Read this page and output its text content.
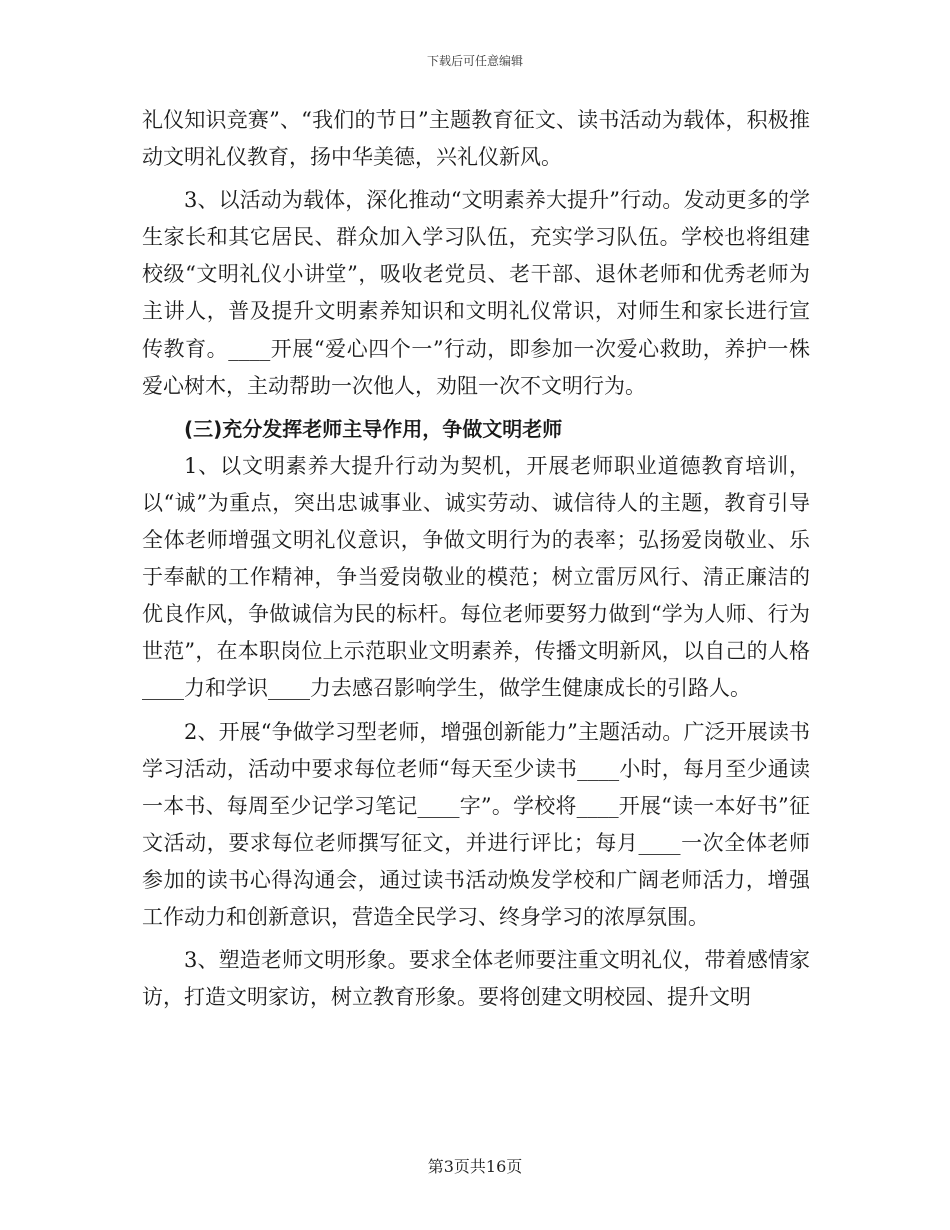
下载后可任意编辑

礼仪知识竞赛”、“我们的节日”主题教育征文、读书活动为载体，积极推动文明礼仪教育，扬中华美德，兴礼仪新风。

3、以活动为载体，深化推动“文明素养大提升”行动。发动更多的学生家长和其它居民、群众加入学习队伍，充实学习队伍。学校也将组建校级“文明礼仪小讲堂”，吸收老党员、老干部、退休老师和优秀老师为主讲人，普及提升文明素养知识和文明礼仪常识，对师生和家长进行宣传教育。____开展“爱心四个一”行动，即参加一次爱心救助，养护一株爱心树木，主动帮助一次他人，劝阻一次不文明行为。

(三)充分发挥老师主导作用，争做文明老师

1、以文明素养大提升行动为契机，开展老师职业道德教育培训，以“诚”为重点，突出忠诚事业、诚实劳动、诚信待人的主题，教育引导全体老师增强文明礼仪意识，争做文明行为的表率；弘扬爱岗敬业、乐于奉献的工作精神，争当爱岗敬业的模范；树立雷厉风行、清正廉洁的优良作风，争做诚信为民的标杆。每位老师要努力做到“学为人师、行为世范”，在本职岗位上示范职业文明素养，传播文明新风，以自己的人格____力和学识____力去感召影响学生，做学生健康成长的引路人。

2、开展“争做学习型老师，增强创新能力”主题活动。广泛开展读书学习活动，活动中要求每位老师“每天至少读书____小时，每月至少通读一本书、每周至少记学习笔记____字”。学校将____开展“读一本好书”征文活动，要求每位老师撰写征文，并进行评比；每月____一次全体老师参加的读书心得沟通会，通过读书活动焕发学校和广阔老师活力，增强工作动力和创新意识，营造全民学习、终身学习的浓厚氛围。

3、塑造老师文明形象。要求全体老师要注重文明礼仪，带着感情家访，打造文明家访，树立教育形象。要将创建文明校园、提升文明

第3页共16页
